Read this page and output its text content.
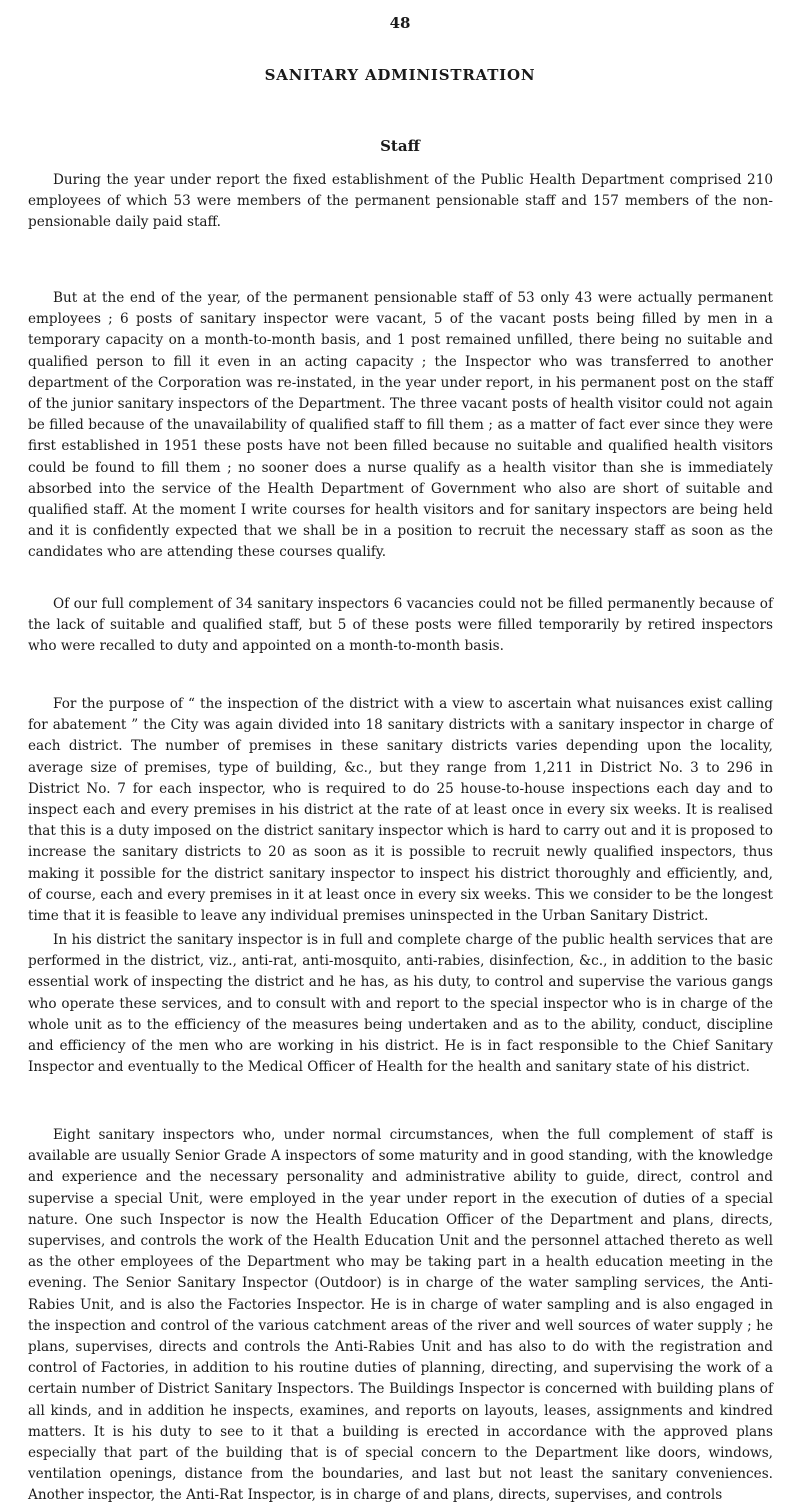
48
SANITARY ADMINISTRATION
Staff

During the year under report the fixed establishment of the Public Health Department comprised 210 employees of which 53 were members of the permanent pensionable staff and 157 members of the non-pensionable daily paid staff.

But at the end of the year, of the permanent pensionable staff of 53 only 43 were actually permanent employees ; 6 posts of sanitary inspector were vacant, 5 of the vacant posts being filled by men in a temporary capacity on a month-to-month basis, and 1 post remained unfilled, there being no suitable and qualified person to fill it even in an acting capacity ; the Inspector who was transferred to another department of the Corporation was re-instated, in the year under report, in his permanent post on the staff of the junior sanitary inspectors of the Department. The three vacant posts of health visitor could not again be filled because of the unavailability of qualified staff to fill them ; as a matter of fact ever since they were first established in 1951 these posts have not been filled because no suitable and qualified health visitors could be found to fill them ; no sooner does a nurse qualify as a health visitor than she is immediately absorbed into the service of the Health Department of Government who also are short of suitable and qualified staff. At the moment I write courses for health visitors and for sanitary inspectors are being held and it is confidently expected that we shall be in a position to recruit the necessary staff as soon as the candidates who are attending these courses qualify.

Of our full complement of 34 sanitary inspectors 6 vacancies could not be filled permanently because of the lack of suitable and qualified staff, but 5 of these posts were filled temporarily by retired inspectors who were recalled to duty and appointed on a month-to-month basis.

For the purpose of “ the inspection of the district with a view to ascertain what nuisances exist calling for abatement ” the City was again divided into 18 sanitary districts with a sanitary inspector in charge of each district. The number of premises in these sanitary districts varies depending upon the locality, average size of premises, type of building, &c., but they range from 1,211 in District No. 3 to 296 in District No. 7 for each inspector, who is required to do 25 house-to-house inspections each day and to inspect each and every premises in his district at the rate of at least once in every six weeks. It is realised that this is a duty imposed on the district sanitary inspector which is hard to carry out and it is proposed to increase the sanitary districts to 20 as soon as it is possible to recruit newly qualified inspectors, thus making it possible for the district sanitary inspector to inspect his district thoroughly and efficiently, and, of course, each and every premises in it at least once in every six weeks. This we consider to be the longest time that it is feasible to leave any individual premises uninspected in the Urban Sanitary District.

In his district the sanitary inspector is in full and complete charge of the public health services that are performed in the district, viz., anti-rat, anti-mosquito, anti-rabies, disinfection, &c., in addition to the basic essential work of inspecting the district and he has, as his duty, to control and supervise the various gangs who operate these services, and to consult with and report to the special inspector who is in charge of the whole unit as to the efficiency of the measures being undertaken and as to the ability, conduct, discipline and efficiency of the men who are working in his district. He is in fact responsible to the Chief Sanitary Inspector and eventually to the Medical Officer of Health for the health and sanitary state of his district.

Eight sanitary inspectors who, under normal circumstances, when the full complement of staff is available are usually Senior Grade A inspectors of some maturity and in good standing, with the knowledge and experience and the necessary personality and administrative ability to guide, direct, control and supervise a special Unit, were employed in the year under report in the execution of duties of a special nature. One such Inspector is now the Health Education Officer of the Department and plans, directs, supervises, and controls the work of the Health Education Unit and the personnel attached thereto as well as the other employees of the Department who may be taking part in a health education meeting in the evening. The Senior Sanitary Inspector (Outdoor) is in charge of the water sampling services, the Anti-Rabies Unit, and is also the Factories Inspector. He is in charge of water sampling and is also engaged in the inspection and control of the various catchment areas of the river and well sources of water supply ; he plans, supervises, directs and controls the Anti-Rabies Unit and has also to do with the registration and control of Factories, in addition to his routine duties of planning, directing, and supervising the work of a certain number of District Sanitary Inspectors. The Buildings Inspector is concerned with building plans of all kinds, and in addition he inspects, examines, and reports on layouts, leases, assignments and kindred matters. It is his duty to see to it that a building is erected in accordance with the approved plans especially that part of the building that is of special concern to the Department like doors, windows, ventilation openings, distance from the boundaries, and last but not least the sanitary conveniences. Another inspector, the Anti-Rat Inspector, is in charge of and plans, directs, supervises, and controls
